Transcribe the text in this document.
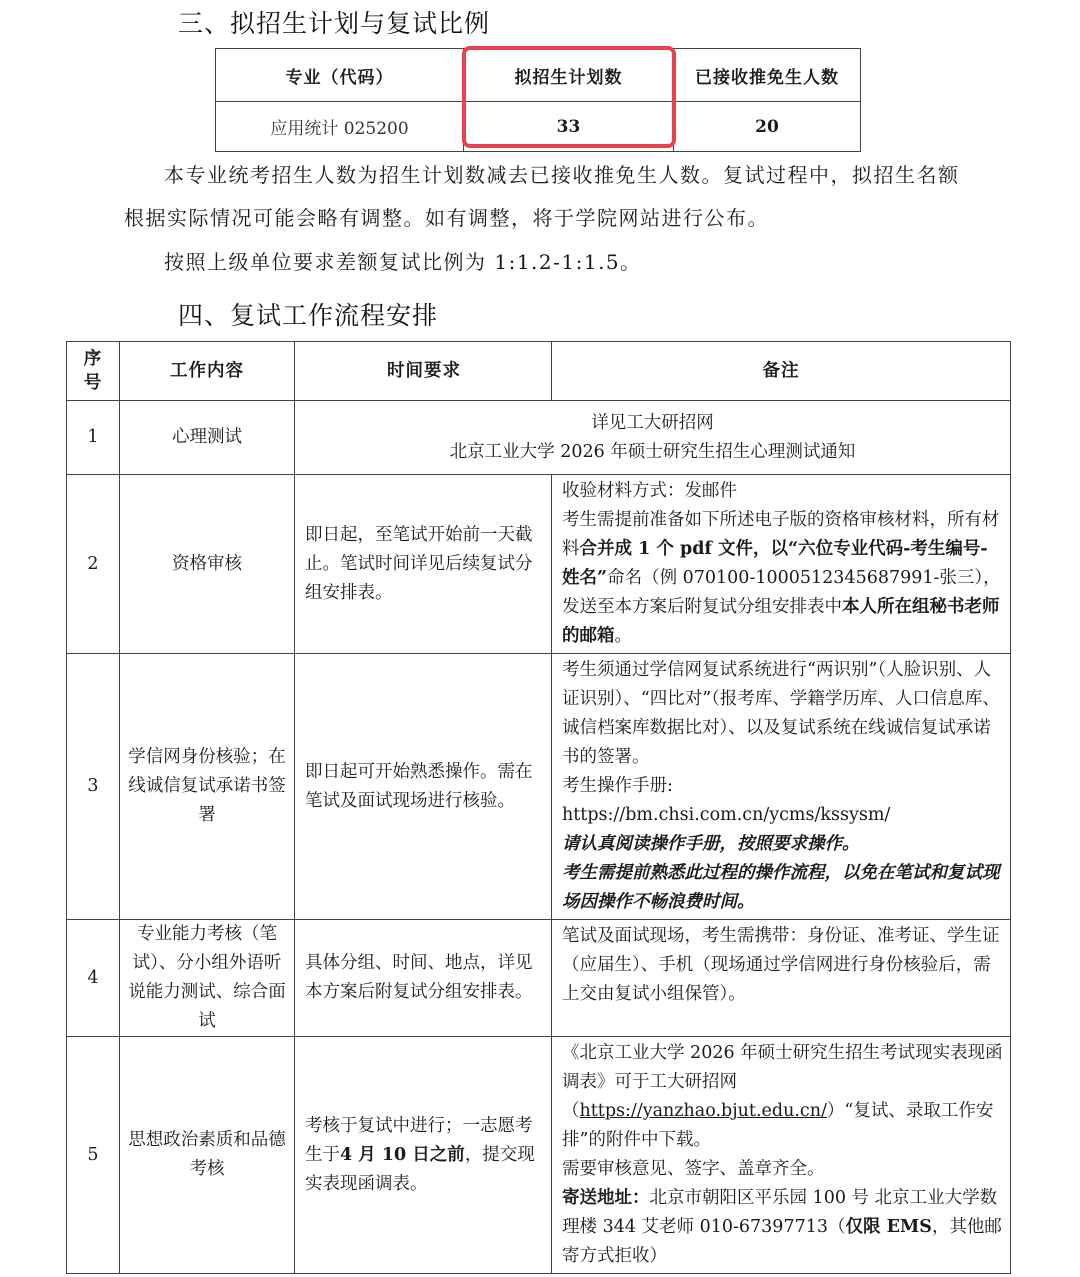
三、拟招生计划与复试比例
专业（代码）	拟招生计划数	已接收推免生人数
应用统计 025200	33	20
本专业统考招生人数为招生计划数减去已接收推免生人数。复试过程中，拟招生名额根据实际情况可能会略有调整。如有调整，将于学院网站进行公布。
按照上级单位要求差额复试比例为 1:1.2-1:1.5。
四、复试工作流程安排
序号	工作内容	时间要求	备注
1	心理测试	详见工大研招网
北京工业大学 2026 年硕士研究生招生心理测试通知	

2	资格审核	即日起，至笔试开始前一天截止。笔试时间详见后续复试分组安排表。	收验材料方式：发邮件
考生需提前准备如下所述电子版的资格审核材料，所有材料合并成 1 个 pdf 文件，以“六位专业代码-考生编号-姓名”命名（例 070100-1000512345687991-张三），发送至本方案后附复试分组安排表中本人所在组秘书老师的邮箱。
3	学信网身份核验；在线诚信复试承诺书签署	即日起可开始熟悉操作。需在笔试及面试现场进行核验。	考生须通过学信网复试系统进行“两识别”（人脸识别、人证识别）、“四比对”（报考库、学籍学历库、人口信息库、诚信档案库数据比对）、以及复试系统在线诚信复试承诺书的签署。
考生操作手册:
https://bm.chsi.com.cn/ycms/kssysm/
请认真阅读操作手册，按照要求操作。
考生需提前熟悉此过程的操作流程，以免在笔试和复试现场因操作不畅浪费时间。

4	专业能力考核（笔试）、分小组外语听说能力测试、综合面试	具体分组、时间、地点，详见本方案后附复试分组安排表。	笔试及面试现场，考生需携带：身份证、准考证、学生证（应届生）、手机（现场通过学信网进行身份核验后，需上交由复试小组保管）。
5	思想政治素质和品德考核	考核于复试中进行；一志愿考生于4 月 10 日之前，提交现实表现函调表。	《北京工业大学 2026 年硕士研究生招生考试现实表现函调表》可于工大研招网（https://yanzhao.bjut.edu.cn/）“复试、录取工作安排”的附件中下载。
需要审核意见、签字、盖章齐全。
寄送地址：北京市朝阳区平乐园 100 号 北京工业大学数理楼 344 艾老师 010-67397713（仅限 EMS，其他邮寄方式拒收）
